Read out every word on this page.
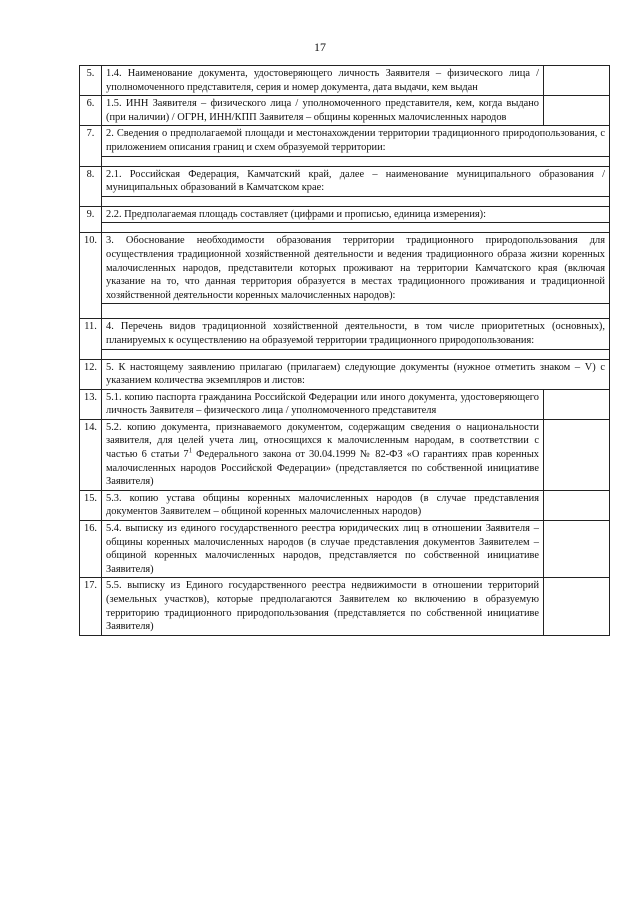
17
5.	1.4. Наименование документа, удостоверяющего личность Заявителя – физического лица / уполномоченного представителя, серия и номер документа, дата выдачи, кем выдан	
6.	1.5. ИНН Заявителя – физического лица / уполномоченного представителя, кем, когда выдано (при наличии) / ОГРН, ИНН/КПП Заявителя – общины коренных малочисленных народов	
7.	2. Сведения о предполагаемой площади и местонахождении территории традиционного природопользования, с приложением описания границ и схем образуемой территории:	

8.	2.1. Российская Федерация, Камчатский край, далее – наименование муниципального образования / муниципальных образований в Камчатском крае:	

9.	2.2. Предполагаемая площадь составляет (цифрами и прописью, единица измерения):	

10.	3. Обоснование необходимости образования территории традиционного природопользования для осуществления традиционной хозяйственной деятельности и ведения традиционного образа жизни коренных малочисленных народов, представители которых проживают на территории Камчатского края (включая указание на то, что данная территория образуется в местах традиционного проживания и традиционной хозяйственной деятельности коренных малочисленных народов):	

11.	4. Перечень видов традиционной хозяйственной деятельности, в том числе приоритетных (основных), планируемых к осуществлению на образуемой территории традиционного природопользования:	

12.	5. К настоящему заявлению прилагаю (прилагаем) следующие документы (нужное отметить знаком – V) с указанием количества экземпляров и листов:	
13.	5.1. копию паспорта гражданина Российской Федерации или иного документа, удостоверяющего личность Заявителя – физического лица / уполномоченного представителя	
14.	5.2. копию документа, признаваемого документом, содержащим сведения о национальности заявителя, для целей учета лиц, относящихся к малочисленным народам, в соответствии с частью 6 статьи $7^1$ Федерального закона от 30.04.1999 № 82-ФЗ «О гарантиях прав коренных малочисленных народов Российской Федерации» (представляется по собственной инициативе Заявителя)	
15.	5.3. копию устава общины коренных малочисленных народов (в случае представления документов Заявителем – общиной коренных малочисленных народов)	
16.	5.4. выписку из единого государственного реестра юридических лиц в отношении Заявителя – общины коренных малочисленных народов (в случае представления документов Заявителем – общиной коренных малочисленных народов, представляется по собственной инициативе Заявителя)	
17.	5.5. выписку из Единого государственного реестра недвижимости в отношении территорий (земельных участков), которые предполагаются Заявителем ко включению в образуемую территорию традиционного природопользования (представляется по собственной инициативе Заявителя)	
